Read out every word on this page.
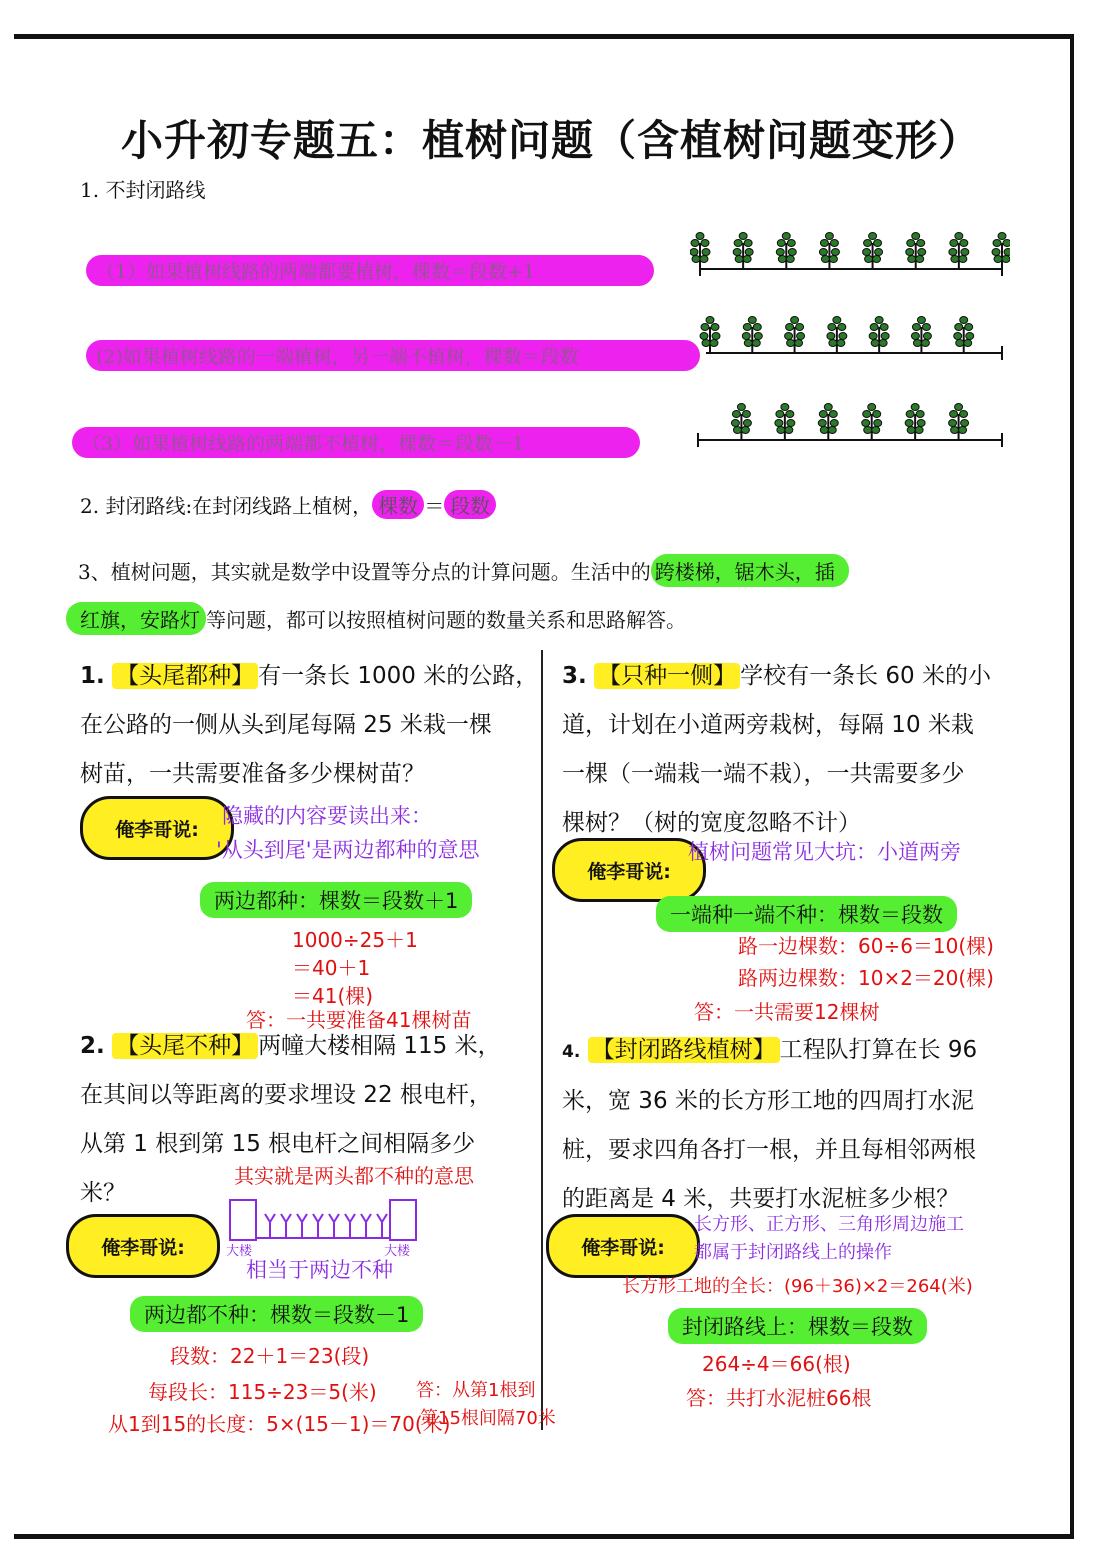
小升初专题五：植树问题（含植树问题变形）
1. 不封闭路线
（1）如果植树线路的两端都要植树，棵数＝段数+1
(2)如果植树线路的一端植树，另一端不植树，棵数＝段数
（3）如果植树线路的两端都不植树，棵数＝段数－1
2. 封闭路线:在封闭线路上植树， 棵数 ＝ 段数
3、植树问题，其实就是数学中设置等分点的计算问题。生活中的 跨楼梯，锯木头，插
红旗，安路灯 等问题，都可以按照植树问题的数量关系和思路解答。
1. 【头尾都种】 有一条长 1000 米的公路，
在公路的一侧从头到尾每隔 25 米栽一棵
树苗，一共需要准备多少棵树苗？
俺李哥说:
隐藏的内容要读出来：
'从头到尾'是两边都种的意思
两边都种：棵数＝段数＋1
1000÷25＋1
＝40＋1
＝41(棵)
答：一共要准备41棵树苗
2. 【头尾不种】 两幢大楼相隔 115 米，
在其间以等距离的要求埋设 22 根电杆，
从第 1 根到第 15 根电杆之间相隔多少
米？
其实就是两头都不种的意思
俺李哥说:	大楼	大楼
相当于两边不种
两边都不种：棵数＝段数－1
段数：22＋1＝23(段)
每段长：115÷23＝5(米)
从1到15的长度：5×(15－1)＝70(米)
答：从第1根到
第15根间隔70米
3. 【只种一侧】 学校有一条长 60 米的小
道，计划在小道两旁栽树，每隔 10 米栽
一棵（一端栽一端不栽），一共需要多少
棵树？（树的宽度忽略不计）
俺李哥说:
植树问题常见大坑：小道两旁
一端种一端不种：棵数＝段数
路一边棵数：60÷6＝10(棵)
路两边棵数：10×2＝20(棵)
答：一共需要12棵树
4. 【封闭路线植树】 工程队打算在长 96
米，宽 36 米的长方形工地的四周打水泥
桩，要求四角各打一根，并且每相邻两根
的距离是 4 米，共要打水泥桩多少根？
俺李哥说:
长方形、正方形、三角形周边施工
都属于封闭路线上的操作
长方形工地的全长：(96＋36)×2＝264(米)
封闭路线上：棵数＝段数
264÷4＝66(根)
答：共打水泥桩66根
